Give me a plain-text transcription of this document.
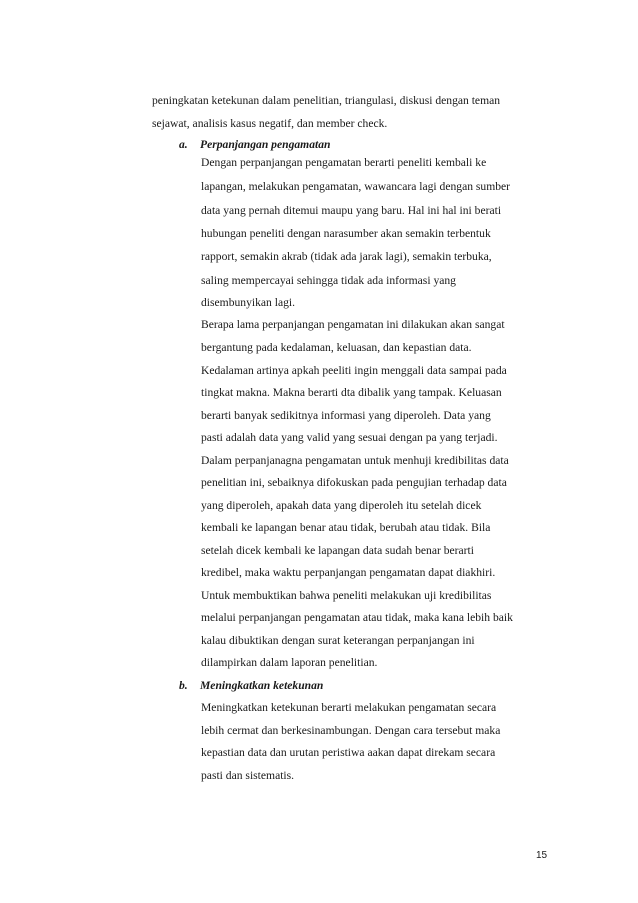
peningkatan ketekunan dalam penelitian, triangulasi, diskusi dengan teman
sejawat, analisis kasus negatif, dan member check.
a. Perpanjangan pengamatan
Dengan perpanjangan pengamatan berarti peneliti kembali ke
lapangan, melakukan pengamatan, wawancara lagi dengan sumber
data yang pernah ditemui maupu yang baru. Hal ini hal ini berati
hubungan peneliti dengan narasumber akan semakin terbentuk
rapport, semakin akrab (tidak ada jarak lagi), semakin terbuka,
saling mempercayai sehingga tidak ada informasi yang
disembunyikan lagi.
Berapa lama perpanjangan pengamatan ini dilakukan akan sangat
bergantung pada kedalaman, keluasan, dan kepastian data.
Kedalaman artinya apkah peeliti ingin menggali data sampai pada
tingkat makna. Makna berarti dta dibalik yang tampak. Keluasan
berarti banyak sedikitnya informasi yang diperoleh. Data yang
pasti adalah data yang valid yang sesuai dengan pa yang terjadi.
Dalam perpanjanagna pengamatan untuk menhuji kredibilitas data
penelitian ini, sebaiknya difokuskan pada pengujian terhadap data
yang diperoleh, apakah data yang diperoleh itu setelah dicek
kembali ke lapangan benar atau tidak, berubah atau tidak. Bila
setelah dicek kembali ke lapangan data sudah benar berarti
kredibel, maka waktu perpanjangan pengamatan dapat diakhiri.
Untuk membuktikan bahwa peneliti melakukan uji kredibilitas
melalui perpanjangan pengamatan atau tidak, maka kana lebih baik
kalau dibuktikan dengan surat keterangan perpanjangan ini
dilampirkan dalam laporan penelitian.
b. Meningkatkan ketekunan
Meningkatkan ketekunan berarti melakukan pengamatan secara
lebih cermat dan berkesinambungan. Dengan cara tersebut maka
kepastian data dan urutan peristiwa aakan dapat direkam secara
pasti dan sistematis.
15
